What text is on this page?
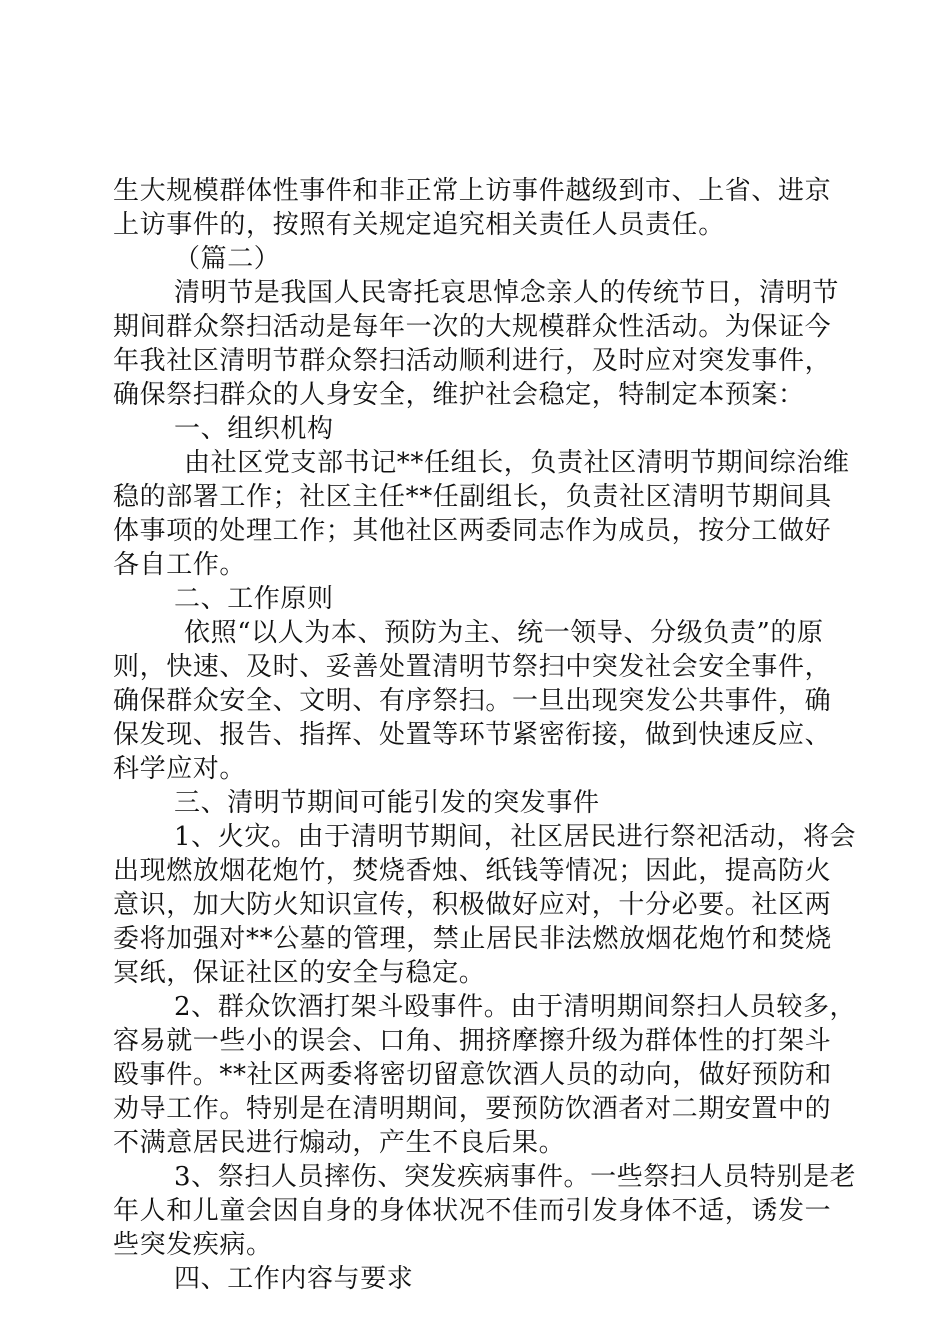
生大规模群体性事件和非正常上访事件越级到市、上省、进京
上访事件的，按照有关规定追究相关责任人员责任。
（篇二）
清明节是我国人民寄托哀思悼念亲人的传统节日，清明节
期间群众祭扫活动是每年一次的大规模群众性活动。为保证今
年我社区清明节群众祭扫活动顺利进行，及时应对突发事件，
确保祭扫群众的人身安全，维护社会稳定，特制定本预案：
一、组织机构
由社区党支部书记**任组长，负责社区清明节期间综治维
稳的部署工作；社区主任**任副组长，负责社区清明节期间具
体事项的处理工作；其他社区两委同志作为成员，按分工做好
各自工作。
二、工作原则
依照“以人为本、预防为主、统一领导、分级负责”的原
则，快速、及时、妥善处置清明节祭扫中突发社会安全事件，
确保群众安全、文明、有序祭扫。一旦出现突发公共事件，确
保发现、报告、指挥、处置等环节紧密衔接，做到快速反应、
科学应对。
三、清明节期间可能引发的突发事件
1、火灾。由于清明节期间，社区居民进行祭祀活动，将会
出现燃放烟花炮竹，焚烧香烛、纸钱等情况；因此，提高防火
意识，加大防火知识宣传，积极做好应对，十分必要。社区两
委将加强对**公墓的管理，禁止居民非法燃放烟花炮竹和焚烧
冥纸，保证社区的安全与稳定。
2、群众饮酒打架斗殴事件。由于清明期间祭扫人员较多，
容易就一些小的误会、口角、拥挤摩擦升级为群体性的打架斗
殴事件。**社区两委将密切留意饮酒人员的动向，做好预防和
劝导工作。特别是在清明期间，要预防饮酒者对二期安置中的
不满意居民进行煽动，产生不良后果。
3、祭扫人员摔伤、突发疾病事件。一些祭扫人员特别是老
年人和儿童会因自身的身体状况不佳而引发身体不适，诱发一
些突发疾病。
四、工作内容与要求
